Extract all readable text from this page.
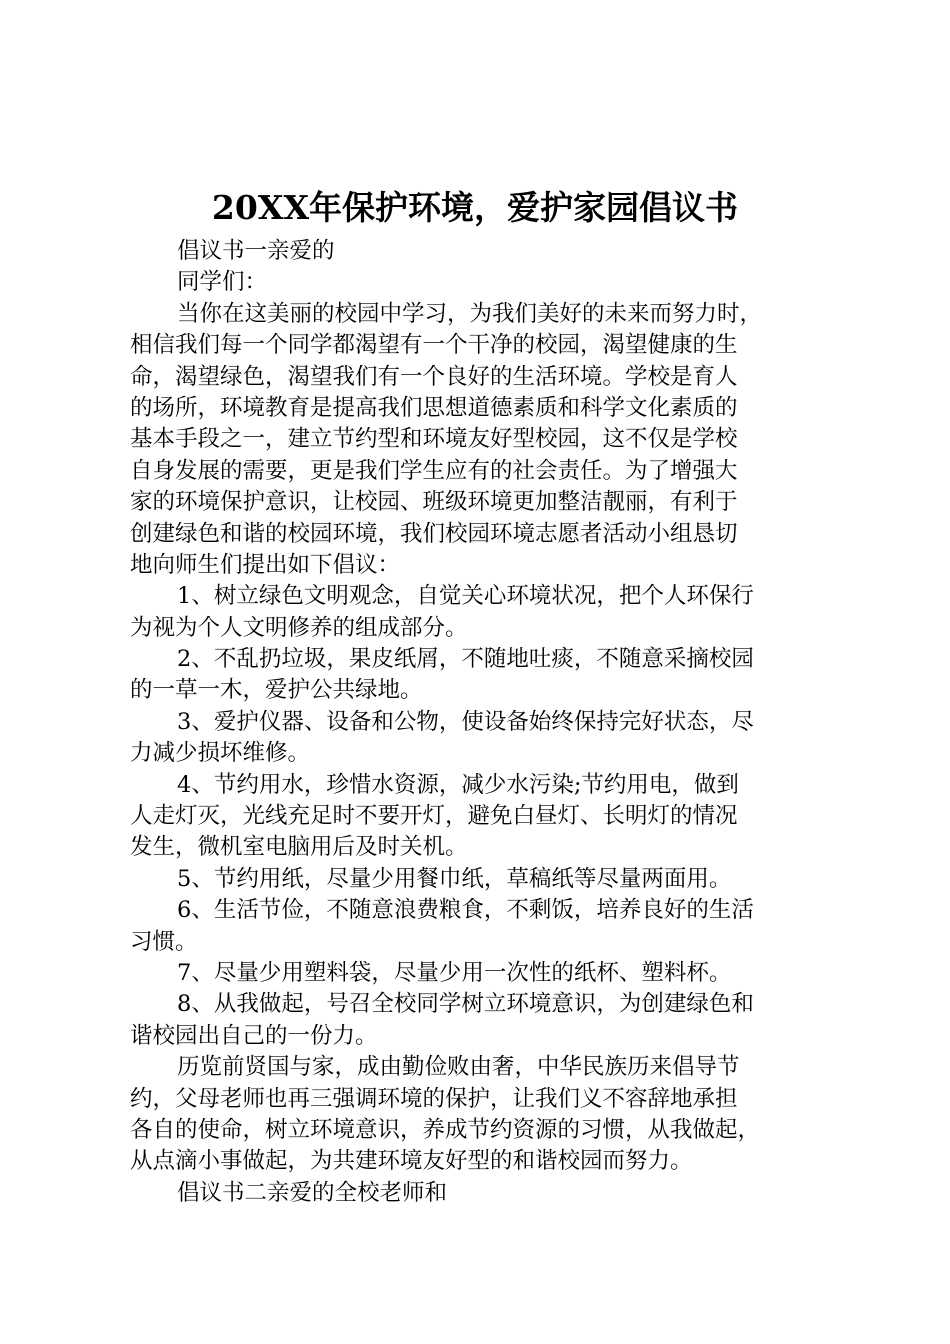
20XX年保护环境，爱护家园倡议书
倡议书一亲爱的
同学们：
当你在这美丽的校园中学习，为我们美好的未来而努力时，
相信我们每一个同学都渴望有一个干净的校园，渴望健康的生
命，渴望绿色，渴望我们有一个良好的生活环境。学校是育人
的场所，环境教育是提高我们思想道德素质和科学文化素质的
基本手段之一，建立节约型和环境友好型校园，这不仅是学校
自身发展的需要，更是我们学生应有的社会责任。为了增强大
家的环境保护意识，让校园、班级环境更加整洁靓丽，有利于
创建绿色和谐的校园环境，我们校园环境志愿者活动小组恳切
地向师生们提出如下倡议：
1、树立绿色文明观念，自觉关心环境状况，把个人环保行
为视为个人文明修养的组成部分。
2、不乱扔垃圾，果皮纸屑，不随地吐痰，不随意采摘校园
的一草一木，爱护公共绿地。
3、爱护仪器、设备和公物，使设备始终保持完好状态，尽
力减少损坏维修。
4、节约用水，珍惜水资源，减少水污染;节约用电，做到
人走灯灭，光线充足时不要开灯，避免白昼灯、长明灯的情况
发生，微机室电脑用后及时关机。
5、节约用纸，尽量少用餐巾纸，草稿纸等尽量两面用。
6、生活节俭，不随意浪费粮食，不剩饭，培养良好的生活
习惯。
7、尽量少用塑料袋，尽量少用一次性的纸杯、塑料杯。
8、从我做起，号召全校同学树立环境意识，为创建绿色和
谐校园出自己的一份力。
历览前贤国与家，成由勤俭败由奢，中华民族历来倡导节
约，父母老师也再三强调环境的保护，让我们义不容辞地承担
各自的使命，树立环境意识，养成节约资源的习惯，从我做起，
从点滴小事做起，为共建环境友好型的和谐校园而努力。
倡议书二亲爱的全校老师和
